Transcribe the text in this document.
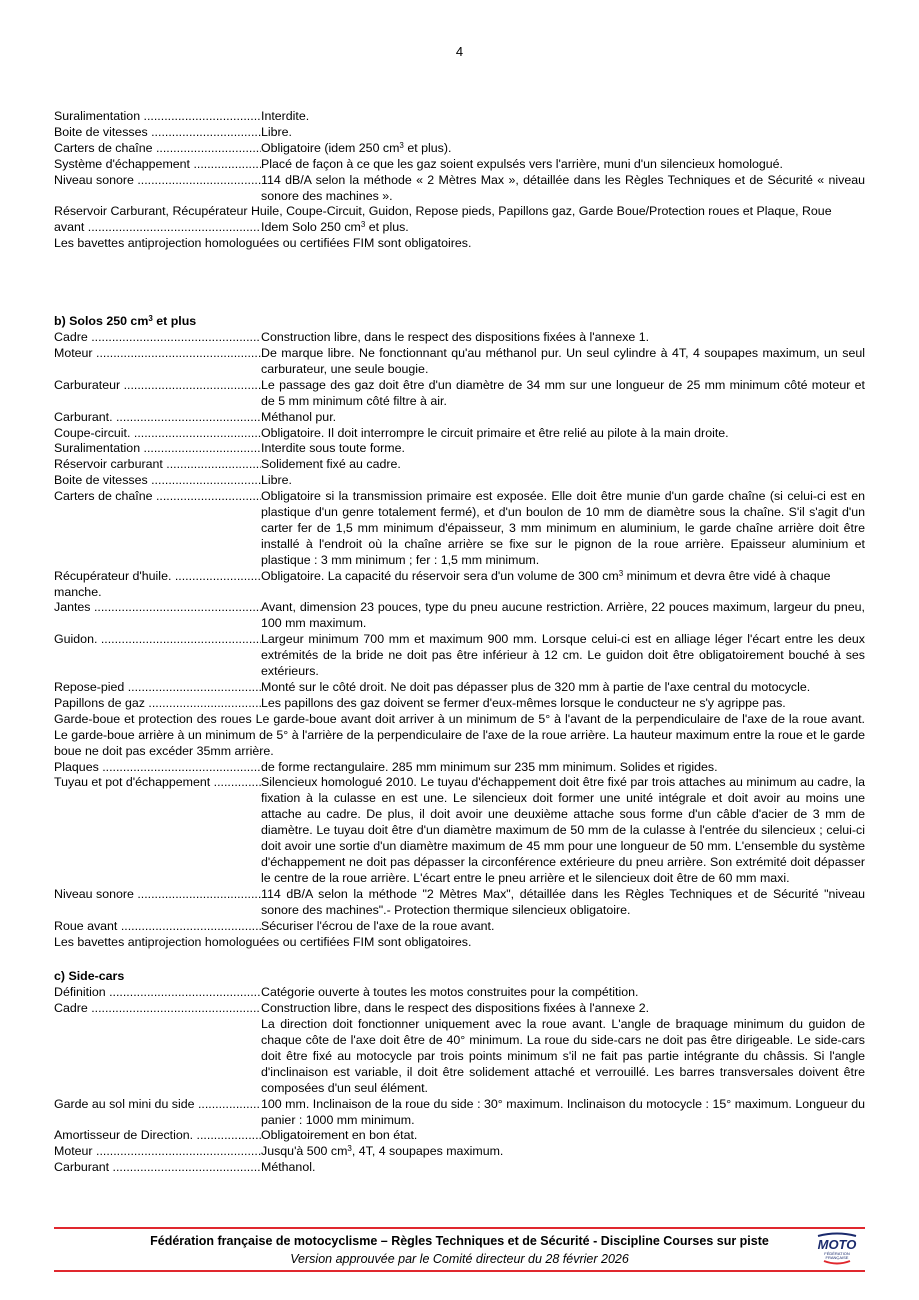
4
Suralimentation .....	Interdite.
Boite de vitesses .....	Libre.
Carters de chaîne .....	Obligatoire (idem 250 $cm^3$ et plus).
Système d'échappement .....	Placé de façon à ce que les gaz soient expulsés vers l'arrière, muni d'un silencieux homologué.
Niveau sonore .....	114 dB/A selon la méthode « 2 Mètres Max », détaillée dans les Règles Techniques et de Sécurité « niveau sonore des machines ».
Réservoir Carburant, Récupérateur Huile, Coupe-Circuit, Guidon, Repose pieds, Papillons gaz, Garde Boue/Protection roues et Plaque, Roue
avant .....	Idem Solo 250 $cm^3$ et plus.
Les bavettes antiprojection homologuées ou certifiées FIM sont obligatoires.
b) Solos 250 $cm^3$ et plus
Cadre .....	Construction libre, dans le respect des dispositions fixées à l'annexe 1.
Moteur .....	De marque libre. Ne fonctionnant qu'au méthanol pur. Un seul cylindre à 4T, 4 soupapes maximum, un seul carburateur, une seule bougie.
Carburateur .....	Le passage des gaz doit être d'un diamètre de 34 mm sur une longueur de 25 mm minimum côté moteur et de 5 mm minimum côté filtre à air.
Carburant. .....	Méthanol pur.
Coupe-circuit. .....	Obligatoire. Il doit interrompre le circuit primaire et être relié au pilote à la main droite.
Suralimentation .....	Interdite sous toute forme.
Réservoir carburant .....	Solidement fixé au cadre.
Boite de vitesses .....	Libre.
Carters de chaîne .....	Obligatoire si la transmission primaire est exposée. Elle doit être munie d'un garde chaîne (si celui-ci est en plastique d'un genre totalement fermé), et d'un boulon de 10 mm de diamètre sous la chaîne. S'il s'agit d'un carter fer de 1,5 mm minimum d'épaisseur, 3 mm minimum en aluminium, le garde chaîne arrière doit être installé à l'endroit où la chaîne arrière se fixe sur le pignon de la roue arrière. Epaisseur aluminium et plastique : 3 mm minimum ; fer : 1,5 mm minimum.
Récupérateur d'huile. .....	Obligatoire. La capacité du réservoir sera d'un volume de 300 $cm^3$ minimum et devra être vidé à chaque
manche.
Jantes .....	Avant, dimension 23 pouces, type du pneu aucune restriction. Arrière, 22 pouces maximum, largeur du pneu, 100 mm maximum.
Guidon. .....	Largeur minimum 700 mm et maximum 900 mm. Lorsque celui-ci est en alliage léger l'écart entre les deux extrémités de la bride ne doit pas être inférieur à 12 cm. Le guidon doit être obligatoirement bouché à ses extérieurs.
Repose-pied .....	Monté sur le côté droit. Ne doit pas dépasser plus de 320 mm à partie de l'axe central du motocycle.
Papillons de gaz .....	Les papillons des gaz doivent se fermer d'eux-mêmes lorsque le conducteur ne s'y agrippe pas.
Garde-boue et protection des roues Le garde-boue avant doit arriver à un minimum de 5° à l'avant de la perpendiculaire de l'axe de la roue avant. Le garde-boue arrière à un minimum de 5° à l'arrière de la perpendiculaire de l'axe de la roue arrière. La hauteur maximum entre la roue et le garde boue ne doit pas excéder 35mm arrière.
Plaques .....	de forme rectangulaire. 285 mm minimum sur 235 mm minimum. Solides et rigides.
Tuyau et pot d'échappement .....	Silencieux homologué 2010. Le tuyau d'échappement doit être fixé par trois attaches au minimum au cadre, la fixation à la culasse en est une. Le silencieux doit former une unité intégrale et doit avoir au moins une attache au cadre. De plus, il doit avoir une deuxième attache sous forme d'un câble d'acier de 3 mm de diamètre. Le tuyau doit être d'un diamètre maximum de 50 mm de la culasse à l'entrée du silencieux ; celui-ci doit avoir une sortie d'un diamètre maximum de 45 mm pour une longueur de 50 mm. L'ensemble du système d'échappement ne doit pas dépasser la circonférence extérieure du pneu arrière. Son extrémité doit dépasser le centre de la roue arrière. L'écart entre le pneu arrière et le silencieux doit être de 60 mm maxi.
Niveau sonore .....	114 dB/A selon la méthode "2 Mètres Max", détaillée dans les Règles Techniques et de Sécurité "niveau sonore des machines".- Protection thermique silencieux obligatoire.
Roue avant .....	Sécuriser l'écrou de l'axe de la roue avant.
Les bavettes antiprojection homologuées ou certifiées FIM sont obligatoires.
c) Side-cars
Définition .....	Catégorie ouverte à toutes les motos construites pour la compétition.
Cadre .....	Construction libre, dans le respect des dispositions fixées à l'annexe 2.
La direction doit fonctionner uniquement avec la roue avant. L'angle de braquage minimum du guidon de chaque côte de l'axe doit être de 40° minimum. La roue du side-cars ne doit pas être dirigeable. Le side-cars doit être fixé au motocycle par trois points minimum s'il ne fait pas partie intégrante du châssis. Si l'angle d'inclinaison est variable, il doit être solidement attaché et verrouillé. Les barres transversales doivent être composées d'un seul élément.
Garde au sol mini du side .....	100 mm. Inclinaison de la roue du side : 30° maximum. Inclinaison du motocycle : 15° maximum. Longueur du panier : 1000 mm minimum.
Amortisseur de Direction. .....	Obligatoirement en bon état.
Moteur .....	Jusqu'à 500 $cm^3$, 4T, 4 soupapes maximum.
Carburant .....	Méthanol.
Fédération française de motocyclisme – Règles Techniques et de Sécurité - Discipline Courses sur piste
Version approuvée par le Comité directeur du 28 février 2026
MOTO
FÉDÉRATION
FRANÇAISE
